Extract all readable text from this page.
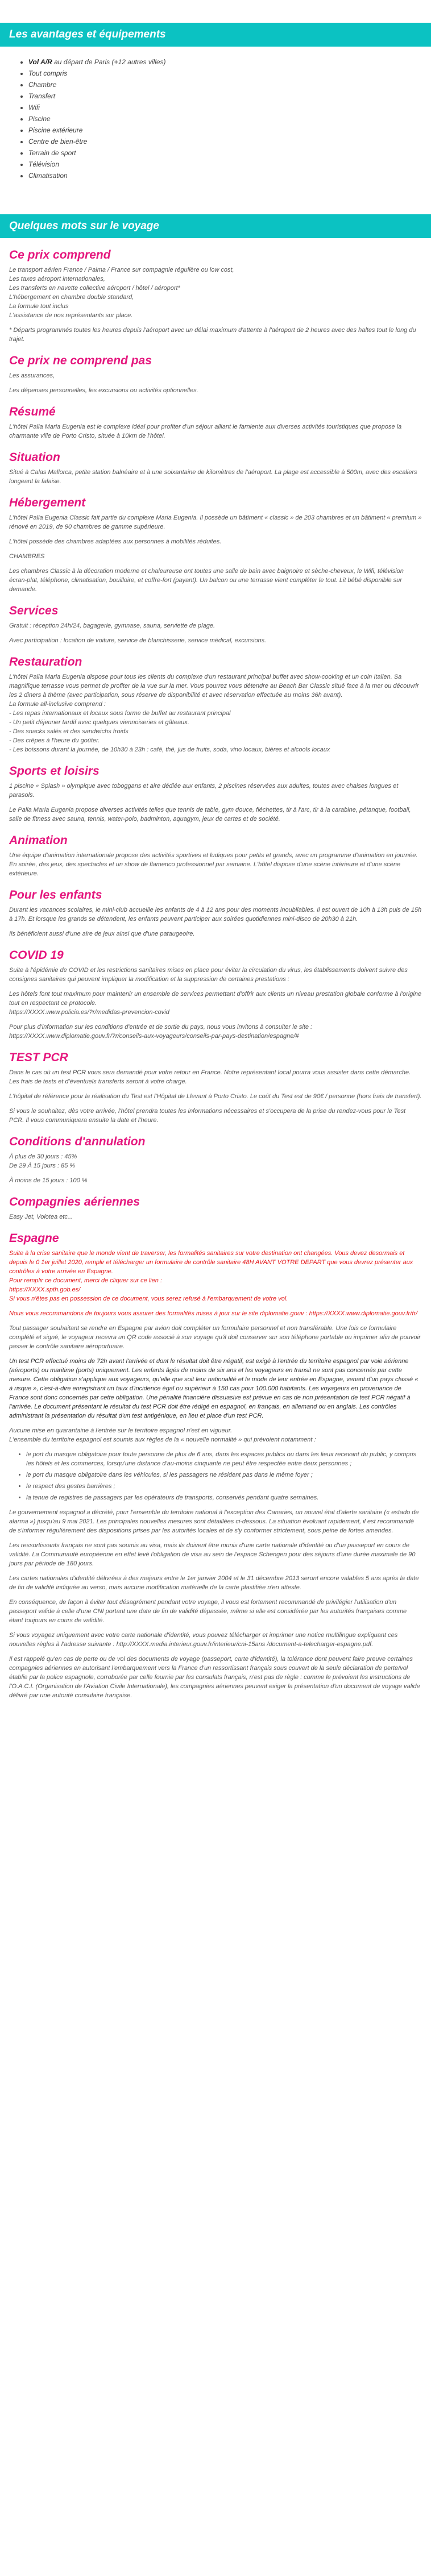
Les avantages et équipements
• Vol A/R au départ de Paris (+12 autres villes)
• Tout compris
• Chambre
• Transfert
• Wifi
• Piscine
• Piscine extérieure
• Centre de bien-être
• Terrain de sport
• Télévision
• Climatisation
Quelques mots sur le voyage
Ce prix comprend

Le transport aérien France / Palma / France sur compagnie régulière ou low cost,
Les taxes aéroport internationales,
Les transferts en navette collective aéroport / hôtel / aéroport*
L'hébergement en chambre double standard,
La formule tout inclus
L'assistance de nos représentants sur place.

* Départs programmés toutes les heures depuis l'aéroport avec un délai maximum d'attente à l'aéroport de 2 heures avec des haltes tout le long du trajet.

Ce prix ne comprend pas

Les assurances,

Les dépenses personnelles, les excursions ou activités optionnelles.

Résumé

L'hôtel Palia Maria Eugenia est le complexe idéal pour profiter d'un séjour alliant le farniente aux diverses activités touristiques que propose la charmante ville de Porto Cristo, située à 10km de l'hôtel.

Situation

Situé à Calas Mallorca, petite station balnéaire et à une soixantaine de kilomètres de l'aéroport. La plage est accessible à 500m, avec des escaliers longeant la falaise.

Hébergement

L'hôtel Palia Eugenia Classic fait partie du complexe Maria Eugenia. Il possède un bâtiment « classic » de 203 chambres et un bâtiment « premium » rénové en 2019, de 90 chambres de gamme supérieure.

L'hôtel possède des chambres adaptées aux personnes à mobilités réduites.

CHAMBRES

Les chambres Classic à la décoration moderne et chaleureuse ont toutes une salle de bain avec baignoire et sèche-cheveux, le Wifi, télévision écran-plat, téléphone, climatisation, bouilloire, et coffre-fort (payant). Un balcon ou une terrasse vient compléter le tout. Lit bébé disponible sur demande.

Services

Gratuit : réception 24h/24, bagagerie, gymnase, sauna, serviette de plage.

Avec participation : location de voiture, service de blanchisserie, service médical, excursions.

Restauration

L'hôtel Palia Maria Eugenia dispose pour tous les clients du complexe d'un restaurant principal buffet avec show-cooking et un coin Italien. Sa magnifique terrasse vous permet de profiter de la vue sur la mer. Vous pourrez vous détendre au Beach Bar Classic situé face à la mer ou découvrir les 2 diners à thème (avec participation, sous réserve de disponibilité et avec réservation effectuée au moins 36h avant).
La formule all-inclusive comprend :
- Les repas internationaux et locaux sous forme de buffet au restaurant principal
- Un petit déjeuner tardif avec quelques viennoiseries et gâteaux.
- Des snacks salés et des sandwichs froids
- Des crêpes à l'heure du goûter.
- Les boissons durant la journée, de 10h30 à 23h : café, thé, jus de fruits, soda, vino locaux, bières et alcools locaux

Sports et loisirs

1 piscine « Splash » olympique avec toboggans et aire dédiée aux enfants, 2 piscines réservées aux adultes, toutes avec chaises longues et parasols.

Le Palia Maria Eugenia propose diverses activités telles que tennis de table, gym douce, fléchettes, tir à l'arc, tir à la carabine, pétanque, football, salle de fitness avec sauna, tennis, water-polo, badminton, aquagym, jeux de cartes et de société.

Animation

Une équipe d'animation internationale propose des activités sportives et ludiques pour petits et grands, avec un programme d'animation en journée. En soirée, des jeux, des spectacles et un show de flamenco professionnel par semaine. L'hôtel dispose d'une scène intérieure et d'une scène extérieure.

Pour les enfants

Durant les vacances scolaires, le mini-club accueille les enfants de 4 à 12 ans pour des moments inoubliables. Il est ouvert de 10h à 13h puis de 15h à 17h. Et lorsque les grands se détendent, les enfants peuvent participer aux soirées quotidiennes mini-disco de 20h30 à 21h.

Ils bénéficient aussi d'une aire de jeux ainsi que d'une pataugeoire.

COVID 19

Suite à l'épidémie de COVID et les restrictions sanitaires mises en place pour éviter la circulation du virus, les établissements doivent suivre des consignes sanitaires qui peuvent impliquer la modification et la suppression de certaines prestations :

Les hôtels font tout maximum pour maintenir un ensemble de services permettant d'offrir aux clients un niveau prestation globale conforme à l'origine tout en respectant ce protocole.
https://XXXX.www.policia.es/?r/medidas-prevencion-covid

Pour plus d'information sur les conditions d'entrée et de sortie du pays, nous vous invitons à consulter le site :
https://XXXX.www.diplomatie.gouv.fr/?r/conseils-aux-voyageurs/conseils-par-pays-destination/espagne/#

TEST PCR

Dans le cas où un test PCR vous sera demandé pour votre retour en France. Notre représentant local pourra vous assister dans cette démarche. Les frais de tests et d'éventuels transferts seront à votre charge.

L'hôpital de référence pour la réalisation du Test est l'Hôpital de Llevant à Porto Cristo. Le coût du Test est de 90€ / personne (hors frais de transfert).

Si vous le souhaitez, dès votre arrivée, l'hôtel prendra toutes les informations nécessaires et s'occupera de la prise du rendez-vous pour le Test PCR. Il vous communiquera ensuite la date et l'heure.

Conditions d'annulation

À plus de 30 jours : 45%
De 29 À 15 jours : 85 %

À moins de 15 jours : 100 %

Compagnies aériennes

Easy Jet, Volotea etc...

Espagne

Suite à la crise sanitaire que le monde vient de traverser, les formalités sanitaires sur votre destination ont changées. Vous devez desormais et depuis le 0 1er juillet 2020, remplir et télécharger un formulaire de contrôle sanitaire 48H AVANT VOTRE DEPART que vous devrez présenter aux contrôles à votre arrivée en Espagne.
Pour remplir ce document, merci de cliquer sur ce lien :
https://XXXX.spth.gob.es/
Si vous n'êtes pas en possession de ce document, vous serez refusé à l'embarquement de votre vol.

Nous vous recommandons de toujours vous assurer des formalités mises à jour sur le site diplomatie.gouv : https://XXXX.www.diplomatie.gouv.fr/fr/

Tout passager souhaitant se rendre en Espagne par avion doit compléter un formulaire personnel et non transférable. Une fois ce formulaire complété et signé, le voyageur recevra un QR code associé à son voyage qu'il doit conserver sur son téléphone portable ou imprimer afin de pouvoir passer le contrôle sanitaire aéroportuaire.

Un test PCR effectué moins de 72h avant l'arrivée et dont le résultat doit être négatif, est exigé à l'entrée du territoire espagnol par voie aérienne (aéroports) ou maritime (ports) uniquement. Les enfants âgés de moins de six ans et les voyageurs en transit ne sont pas concernés par cette mesure. Cette obligation s'applique aux voyageurs, qu'elle que soit leur nationalité et le mode de leur entrée en Espagne, venant d'un pays classé « à risque », c'est-à-dire enregistrant un taux d'incidence égal ou supérieur à 150 cas pour 100.000 habitants. Les voyageurs en provenance de France sont donc concernés par cette obligation. Une pénalité financière dissuasive est prévue en cas de non présentation de test PCR négatif à l'arrivée. Le document présentant le résultat du test PCR doit être rédigé en espagnol, en français, en allemand ou en anglais. Les contrôles administrant la présentation du résultat d'un test antigénique, en lieu et place d'un test PCR.

Aucune mise en quarantaine à l'entrée sur le territoire espagnol n'est en vigueur.
L'ensemble du territoire espagnol est soumis aux règles de la « nouvelle normalité » qui prévoient notamment :

• le port du masque obligatoire pour toute personne de plus de 6 ans, dans les espaces publics ou dans les lieux recevant du public, y compris les hôtels et les commerces, lorsqu'une distance d'au-moins cinquante ne peut être respectée entre deux personnes ;
• le port du masque obligatoire dans les véhicules, si les passagers ne résident pas dans le même foyer ;
• le respect des gestes barrières ;
• la tenue de registres de passagers par les opérateurs de transports, conservés pendant quatre semaines.

Le gouvernement espagnol a décrété, pour l'ensemble du territoire national à l'exception des Canaries, un nouvel état d'alerte sanitaire (« estado de alarma ») jusqu'au 9 mai 2021. Les principales nouvelles mesures sont détaillées ci-dessous. La situation évoluant rapidement, il est recommandé de s'informer régulièrement des dispositions prises par les autorités locales et de s'y conformer strictement, sous peine de fortes amendes.

Les ressortissants français ne sont pas soumis au visa, mais ils doivent être munis d'une carte nationale d'identité ou d'un passeport en cours de validité. La Communauté européenne en effet levé l'obligation de visa au sein de l'espace Schengen pour des séjours d'une durée maximale de 90 jours par période de 180 jours.

Les cartes nationales d'identité délivrées à des majeurs entre le 1er janvier 2004 et le 31 décembre 2013 seront encore valables 5 ans après la date de fin de validité indiquée au verso, mais aucune modification matérielle de la carte plastifiée n'en atteste.

En conséquence, de façon à éviter tout désagrément pendant votre voyage, il vous est fortement recommandé de privilégier l'utilisation d'un passeport valide à celle d'une CNI portant une date de fin de validité dépassée, même si elle est considérée par les autorités françaises comme étant toujours en cours de validité.

Si vous voyagez uniquement avec votre carte nationale d'identité, vous pouvez télécharger et imprimer une notice multilingue expliquant ces nouvelles règles à l'adresse suivante : http://XXXX.media.interieur.gouv.fr/interieur/cni-15ans /document-a-telecharger-espagne.pdf.

Il est rappelé qu'en cas de perte ou de vol des documents de voyage (passeport, carte d'identité), la tolérance dont peuvent faire preuve certaines compagnies aériennes en autorisant l'embarquement vers la France d'un ressortissant français sous couvert de la seule déclaration de perte/vol établie par la police espagnole, corroborée par celle fournie par les consulats français, n'est pas de règle : comme le prévoient les instructions de l'O.A.C.I. (Organisation de l'Aviation Civile Internationale), les compagnies aériennes peuvent exiger la présentation d'un document de voyage valide délivré par une autorité consulaire française.
